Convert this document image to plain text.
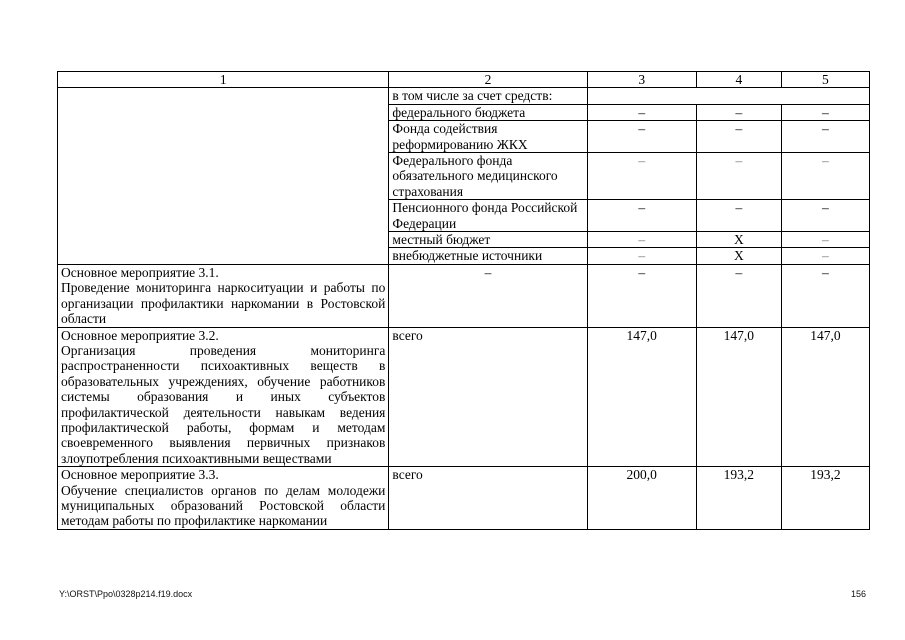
1	2	3	4	5
	в том числе за счет средств:			
	федерального бюджета	–	–	–
	Фонда содействия реформированию ЖКХ	–	–	–
	Федерального фонда обязательного медицинского страхования	–	–	–
	Пенсионного фонда Российской Федерации	–	–	–
	местный бюджет	–	Х	–
	внебюджетные источники	–	Х	–

Основное мероприятие 3.1.
Проведение мониторинга наркоситуации и работы по организации профилактики наркомании в Ростовской области	–	–	–	–

Основное мероприятие 3.2.
Организация проведения мониторинга распространенности психоактивных веществ в образовательных учреждениях, обучение работников системы образования и иных субъектов профилактической деятельности навыкам ведения профилактической работы, формам и методам своевременного выявления первичных признаков злоупотребления психоактивными веществами	всего	147,0	147,0	147,0

Основное мероприятие 3.3.
Обучение специалистов органов по делам молодежи муниципальных образований Ростовской области методам работы по профилактике наркомании	всего	200,0	193,2	193,2
Y:\ORST\Ppo\0328p214.f19.docx	156
